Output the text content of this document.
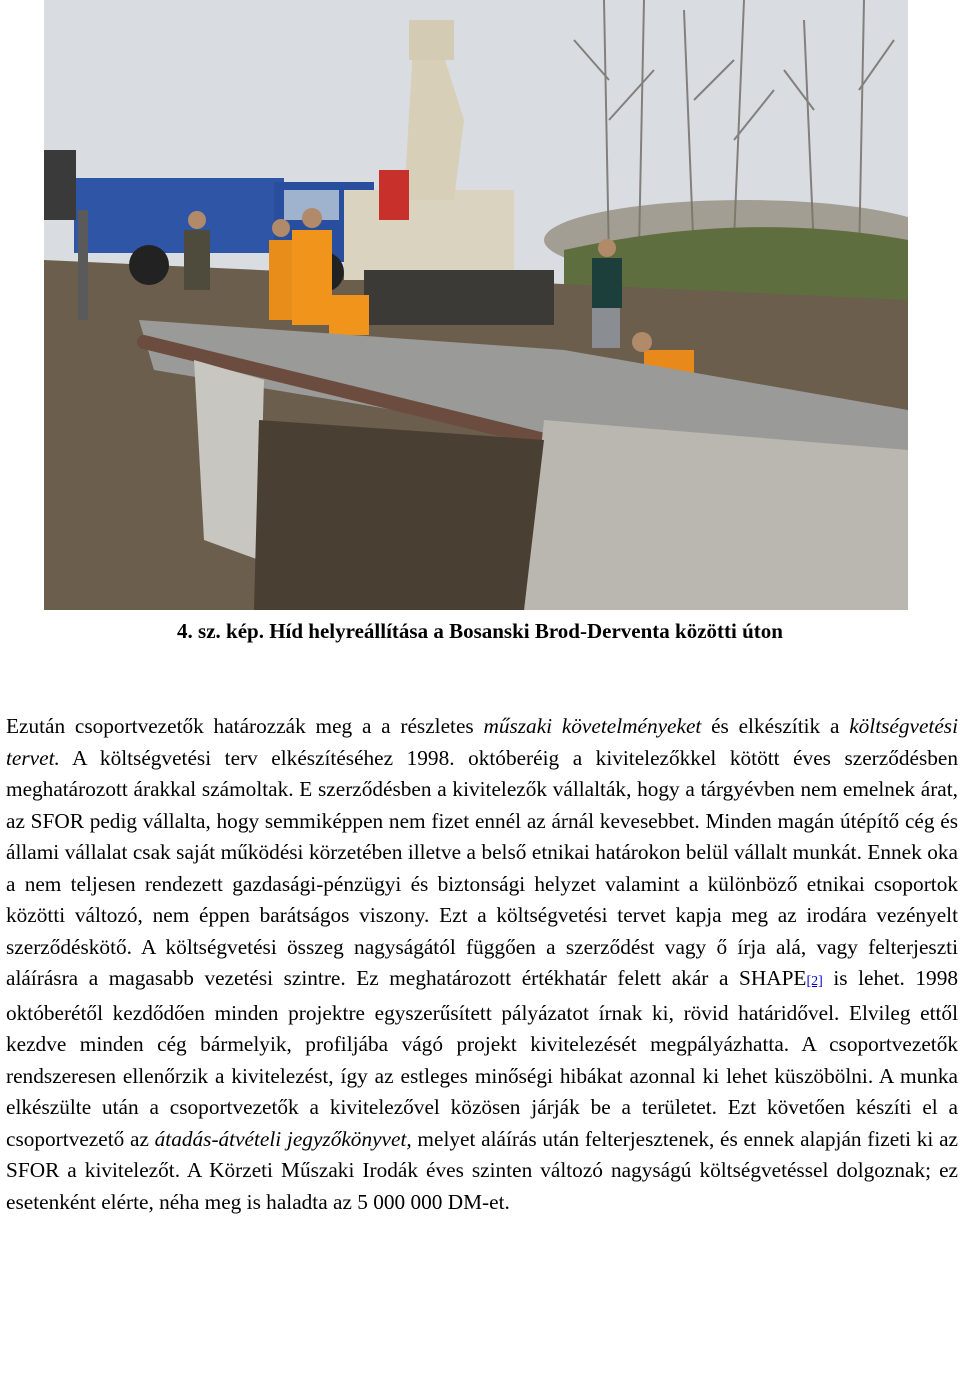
4. sz. kép. Híd helyreállítása a Bosanski Brod-Derventa közötti úton

Ezután csoportvezetők határozzák meg a a részletes műszaki követelményeket és elkészítik a költségvetési tervet. A költségvetési terv elkészítéséhez 1998. októberéig a kivitelezőkkel kötött éves szerződésben meghatározott árakkal számoltak. E szerződésben a kivitelezők vállalták, hogy a tárgyévben nem emelnek árat, az SFOR pedig vállalta, hogy semmiképpen nem fizet ennél az árnál kevesebbet. Minden magán útépítő cég és állami vállalat csak saját működési körzetében illetve a belső etnikai határokon belül vállalt munkát. Ennek oka a nem teljesen rendezett gazdasági-pénzügyi és biztonsági helyzet valamint a különböző etnikai csoportok közötti változó, nem éppen barátságos viszony. Ezt a költségvetési tervet kapja meg az irodára vezényelt szerződéskötő. A költségvetési összeg nagyságától függően a szerződést vagy ő írja alá, vagy felterjeszti aláírásra a magasabb vezetési szintre. Ez meghatározott értékhatár felett akár a SHAPE[2] is lehet. 1998 októberétől kezdődően minden projektre egyszerűsített pályázatot írnak ki, rövid határidővel. Elvileg ettől kezdve minden cég bármelyik, profiljába vágó projekt kivitelezését megpályázhatta. A csoportvezetők rendszeresen ellenőrzik a kivitelezést, így az estleges minőségi hibákat azonnal ki lehet küszöbölni. A munka elkészülte után a csoportvezetők a kivitelezővel közösen járják be a területet. Ezt követően készíti el a csoportvezető az átadás-átvételi jegyzőkönyvet, melyet aláírás után felterjesztenek, és ennek alapján fizeti ki az SFOR a kivitelezőt. A Körzeti Műszaki Irodák éves szinten változó nagyságú költségvetéssel dolgoznak; ez esetenként elérte, néha meg is haladta az 5 000 000 DM-et.
